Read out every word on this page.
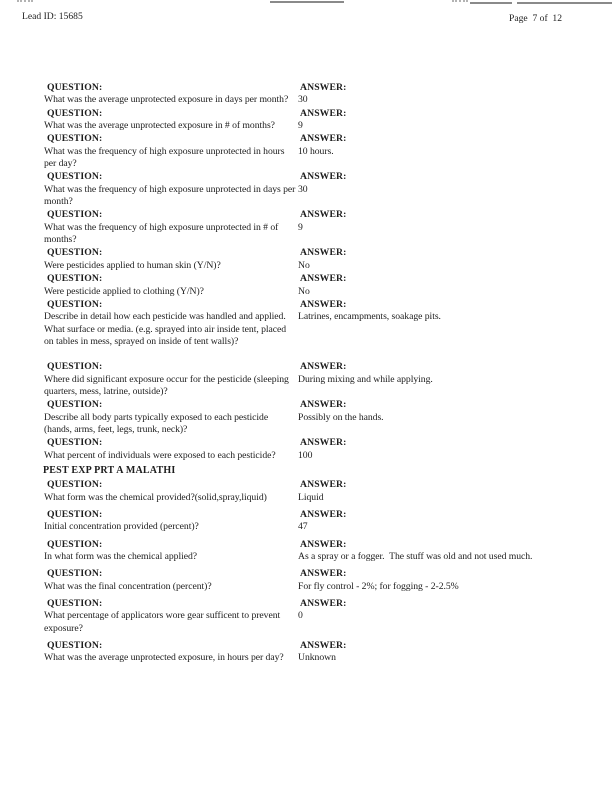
Lead ID: 15685	Page  7 of  12
QUESTION:
What was the average unprotected exposure in days per month?
ANSWER:
30
QUESTION:
What was the average unprotected exposure in # of months?
ANSWER:
9
QUESTION:
What was the frequency of high exposure unprotected in hours per day?
ANSWER:
10 hours.
QUESTION:
What was the frequency of high exposure unprotected in days per month?
ANSWER:
30
QUESTION:
What was the frequency of high exposure unprotected in # of months?
ANSWER:
9
QUESTION:
Were pesticides applied to human skin (Y/N)?
ANSWER:
No
QUESTION:
Were pesticide applied to clothing (Y/N)?
ANSWER:
No
QUESTION:
Describe in detail how each pesticide was handled and applied.  What surface or media. (e.g. sprayed into air inside tent, placed on tables in mess, sprayed on inside of tent walls)?
ANSWER:
Latrines, encampments, soakage pits.
QUESTION:
Where did significant exposure occur for the pesticide (sleeping quarters, mess, latrine, outside)?
ANSWER:
During mixing and while applying.
QUESTION:
Describe all body parts typically exposed to each pesticide (hands, arms, feet, legs, trunk, neck)?
ANSWER:
Possibly on the hands.
QUESTION:
What percent of individuals were exposed to each pesticide?
ANSWER:
100
PEST EXP PRT A MALATHI
QUESTION:
What form was the chemical provided?(solid,spray,liquid)
ANSWER:
Liquid
QUESTION:
Initial concentration provided (percent)?
ANSWER:
47
QUESTION:
In what form was the chemical applied?
ANSWER:
As a spray or a fogger.  The stuff was old and not used much.
QUESTION:
What was the final concentration (percent)?
ANSWER:
For fly control - 2%; for fogging - 2-2.5%
QUESTION:
What percentage of applicators wore gear sufficent to prevent exposure?
ANSWER:
0
QUESTION:
What was the average unprotected exposure, in hours per day?
ANSWER:
Unknown
